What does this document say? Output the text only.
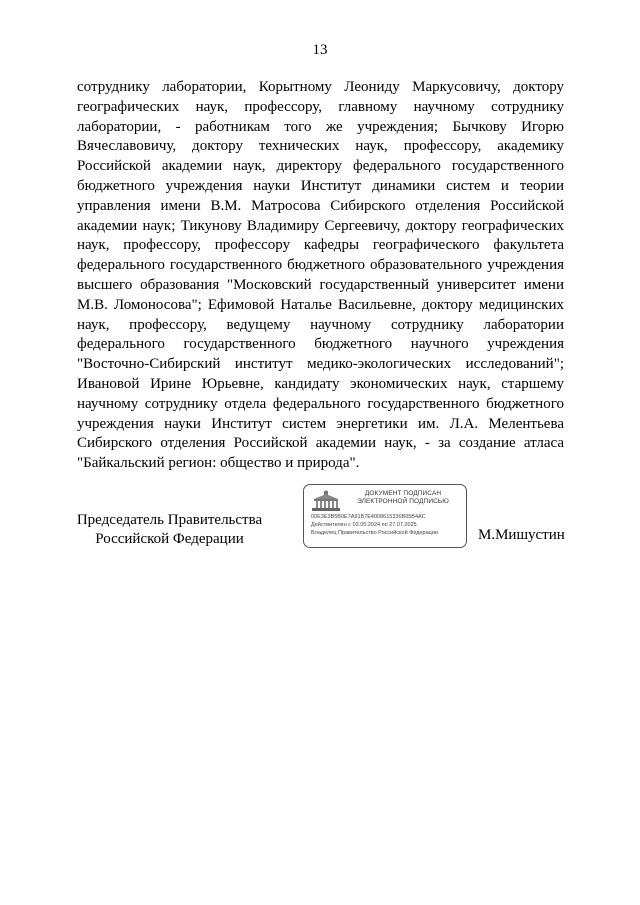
13

сотруднику лаборатории, Корытному Леониду Маркусовичу, доктору географических наук, профессору, главному научному сотруднику лаборатории, - работникам того же учреждения; Бычкову Игорю Вячеславовичу, доктору технических наук, профессору, академику Российской академии наук, директору федерального государственного бюджетного учреждения науки Институт динамики систем и теории управления имени В.М. Матросова Сибирского отделения Российской академии наук; Тикунову Владимиру Сергеевичу, доктору географических наук, профессору, профессору кафедры географического факультета федерального государственного бюджетного образовательного учреждения высшего образования "Московский государственный университет имени М.В. Ломоносова"; Ефимовой Наталье Васильевне, доктору медицинских наук, профессору, ведущему научному сотруднику лаборатории федерального государственного бюджетного научного учреждения "Восточно-Сибирский институт медико-экологических исследований"; Ивановой Ирине Юрьевне, кандидату экономических наук, старшему научному сотруднику отдела федерального государственного бюджетного учреждения науки Институт систем энергетики им. Л.А. Мелентьева Сибирского отделения Российской академии наук, - за создание атласа "Байкальский регион: общество и природа".

Председатель Правительства
Российской Федерации
ДОКУМЕНТ ПОДПИСАН
ЭЛЕКТРОННОЙ ПОДПИСЬЮ
00E3E3B5B0E7A91B7E4008615336B05B4AC
Действителен с 03.05.2024 по 27.07.2025
Владелец Правительство Российской Федерации	М.Мишустин
